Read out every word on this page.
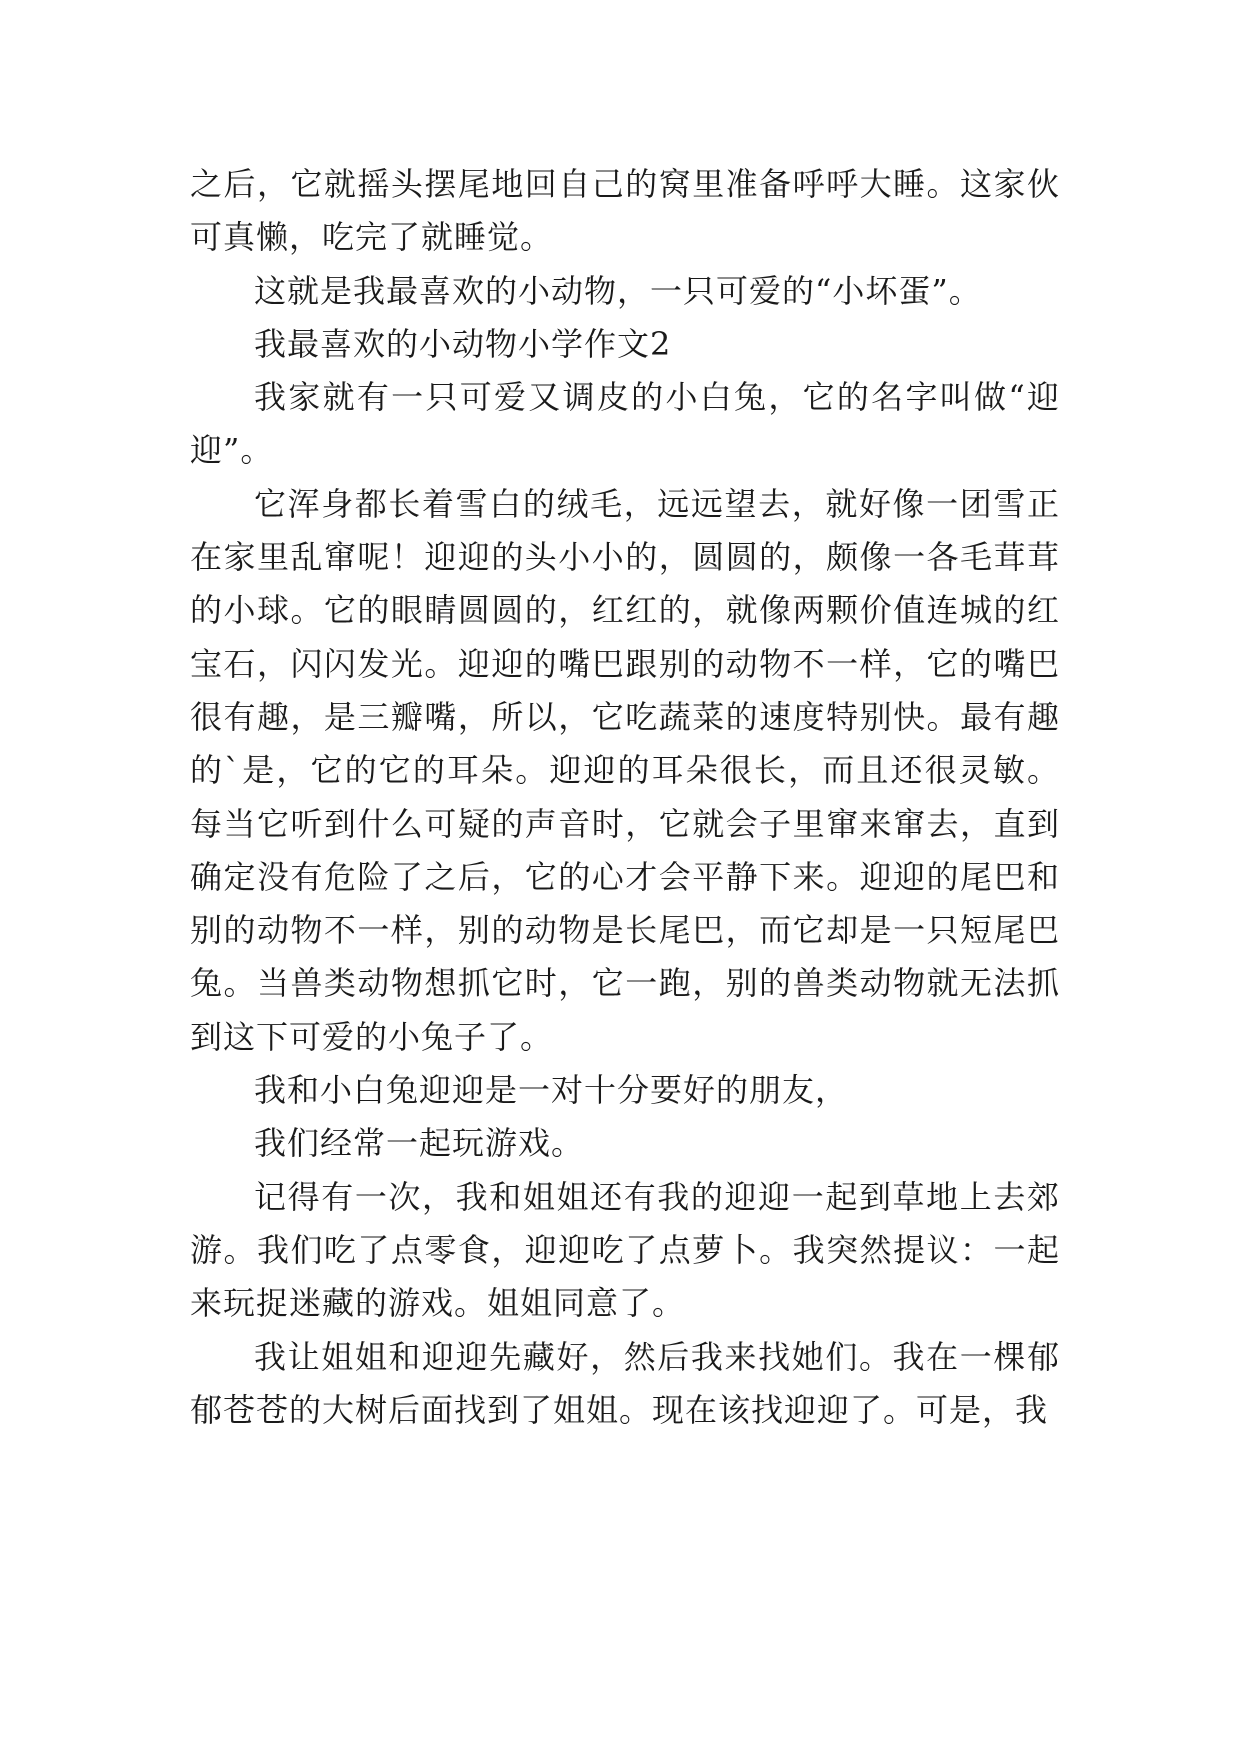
之后，它就摇头摆尾地回自己的窝里准备呼呼大睡。这家伙可真懒，吃完了就睡觉。

这就是我最喜欢的小动物，一只可爱的“小坏蛋”。

我最喜欢的小动物小学作文2

我家就有一只可爱又调皮的小白兔，它的名字叫做“迎迎”。

它浑身都长着雪白的绒毛，远远望去，就好像一团雪正在家里乱窜呢！迎迎的头小小的，圆圆的，颇像一各毛茸茸的小球。它的眼睛圆圆的，红红的，就像两颗价值连城的红宝石，闪闪发光。迎迎的嘴巴跟别的动物不一样，它的嘴巴很有趣，是三瓣嘴，所以，它吃蔬菜的速度特别快。最有趣的`是，它的它的耳朵。迎迎的耳朵很长，而且还很灵敏。每当它听到什么可疑的声音时，它就会子里窜来窜去，直到确定没有危险了之后，它的心才会平静下来。迎迎的尾巴和别的动物不一样，别的动物是长尾巴，而它却是一只短尾巴兔。当兽类动物想抓它时，它一跑，别的兽类动物就无法抓到这下可爱的小兔子了。

我和小白兔迎迎是一对十分要好的朋友，

我们经常一起玩游戏。

记得有一次，我和姐姐还有我的迎迎一起到草地上去郊游。我们吃了点零食，迎迎吃了点萝卜。我突然提议：一起来玩捉迷藏的游戏。姐姐同意了。

我让姐姐和迎迎先藏好，然后我来找她们。我在一棵郁郁苍苍的大树后面找到了姐姐。现在该找迎迎了。可是，我
